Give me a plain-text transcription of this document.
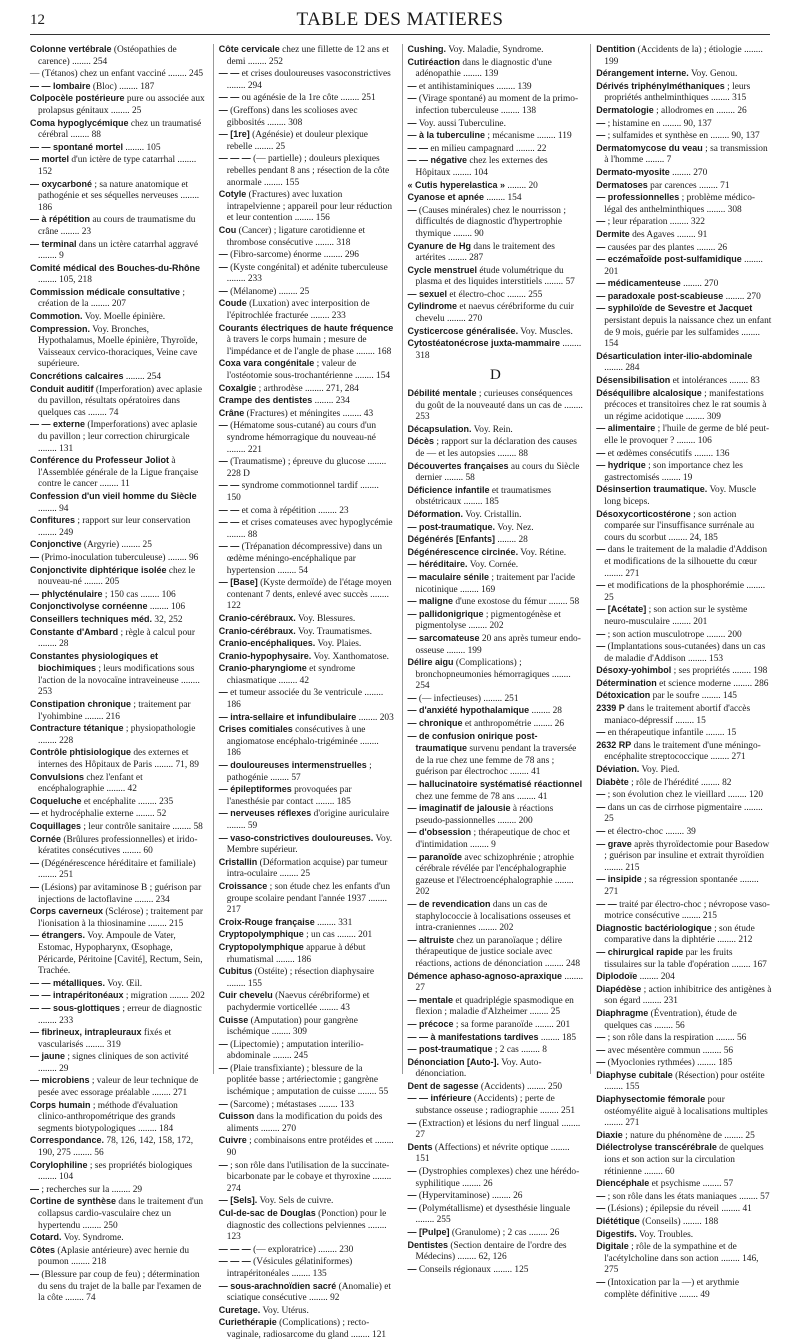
12	TABLE DES MATIERES
Colonne vertébrale (Ostéopathies de carence) ........ 254
— (Tétanos) chez un enfant vacciné ........ 245
— — lombaire (Bloc) ........ 187
Colpocèle postérieure pure ou associée aux prolapsus génitaux ........ 25
Coma hypoglycémique chez un traumatisé cérébral ........ 88
— — spontané mortel ........ 105
— mortel d'un ictère de type catarrhal ........ 152
— oxycarboné ; sa nature anatomique et pathogénie et ses séquelles nerveuses ........ 186
— à répétition au cours de traumatisme du crâne ........ 23
— terminal dans un ictère catarrhal aggravé ........ 9
Comité médical des Bouches-du-Rhône ........ 105, 218
Commission médicale consultative ; création de la ........ 207
Commotion. Voy. Moelle épinière.
Compression. Voy. Bronches, Hypothalamus, Moelle épinière, Thyroïde, Vaisseaux cervico-thoraciques, Veine cave supérieure.
Concrétions calcaires ........ 254
Conduit auditif (Imperforation) avec aplasie du pavillon, résultats opératoires dans quelques cas ........ 74
— — externe (Imperforations) avec aplasie du pavillon ; leur correction chirurgicale ........ 131
Conférence du Professeur Joliot à l'Assemblée générale de la Ligue française contre le cancer ........ 11
Confession d'un vieil homme du Siècle ........ 94
Confitures ; rapport sur leur conservation ........ 249
Conjonctive (Argyrie) ........ 25
— (Primo-inoculation tuberculeuse) ........ 96
Conjonctivite diphtérique isolée chez le nouveau-né ........ 205
— phlycténulaire ; 150 cas ........ 106
Conjonctivolyse cornéenne ........ 106
Conseillers techniques méd. 32, 252
Constante d'Ambard ; règle à calcul pour ........ 28
Constantes physiologiques et biochimiques ; leurs modifications sous l'action de la novocaïne intraveineuse ........ 253
Constipation chronique ; traitement par l'yohimbine ........ 216
Contracture tétanique ; physiopathologie ........ 228
Contrôle phtisiologique des externes et internes des Hôpitaux de Paris ........ 71, 89
Convulsions chez l'enfant et encéphalographie ........ 42
Coqueluche et encéphalite ........ 235
— et hydrocéphalie externe ........ 52
Coquillages ; leur contrôle sanitaire ........ 58
Cornée (Brûlures professionnelles) et irido-kératites consécutives ........ 60
— (Dégénérescence héréditaire et familiale) ........ 251
— (Lésions) par avitaminose B ; guérison par injections de lactoflavine ........ 234
Corps caverneux (Sclérose) ; traitement par l'ionisation à la thiosinamine ........ 215
— étrangers. Voy. Ampoule de Vater, Estomac, Hypopharynx, Œsophage, Péricarde, Péritoine [Cavité], Rectum, Sein, Trachée.
— — métalliques. Voy. Œil.
— — intrapéritonéaux ; migration ........ 202
— — sous-glottiques ; erreur de diagnostic ........ 233
— fibrineux, intrapleuraux fixés et vascularisés ........ 319
— jaune ; signes cliniques de son activité ........ 29
— microbiens ; valeur de leur technique de pesée avec essorage préalable ........ 271
Corps humain ; méthode d'évaluation clinico-anthropométrique des grands segments biotypologiques ........ 184
Correspondance. 78, 126, 142, 158, 172, 190, 275 ........ 56
Corylophiline ; ses propriétés biologiques ........ 104
— ; recherches sur la ........ 29
Cortine de synthèse dans le traitement d'un collapsus cardio-vasculaire chez un hypertendu ........ 250
Cotard. Voy. Syndrome.
Côtes (Aplasie antérieure) avec hernie du poumon ........ 218
— (Blessure par coup de feu) ; détermination du sens du trajet de la balle par l'examen de la côte ........ 74
Côte cervicale chez une fillette de 12 ans et demi ........ 252
— — et crises douloureuses vasoconstrictives ........ 294
— — ou agénésie de la 1re côte ........ 251
— (Greffons) dans les scolioses avec gibbosités ........ 308
— [1re] (Agénésie) et douleur plexique rebelle ........ 25
— — — (— partielle) ; douleurs plexiques rebelles pendant 8 ans ; résection de la côte anormale ........ 155
Cotyle (Fractures) avec luxation intrapelvienne ; appareil pour leur réduction et leur contention ........ 156
Cou (Cancer) ; ligature carotidienne et thrombose consécutive ........ 318
— (Fibro-sarcome) énorme ........ 296
— (Kyste congénital) et adénite tuberculeuse ........ 233
— (Mélanome) ........ 25
Coude (Luxation) avec interposition de l'épitrochlée fracturée ........ 233
Courants électriques de haute fréquence à travers le corps humain ; mesure de l'impédance et de l'angle de phase ........ 168
Coxa vara congénitale ; valeur de l'ostéotomie sous-trochantérienne ........ 154
Coxalgie ; arthrodèse ........ 271, 284
Crampe des dentistes ........ 234
Crâne (Fractures) et méningites ........ 43
— (Hématome sous-cutané) au cours d'un syndrome hémorragique du nouveau-né ........ 221
— (Traumatisme) ; épreuve du glucose ........ 228 D
— — syndrome commotionnel tardif ........ 150
— — et coma à répétition ........ 23
— — et crises comateuses avec hypoglycémie ........ 88
— — (Trépanation décompressive) dans un œdème méningo-encéphalique par hypertension ........ 54
— [Base] (Kyste dermoïde) de l'étage moyen contenant 7 dents, enlevé avec succès ........ 122
Cranio-cérébraux. Voy. Blessures.
Cranio-cérébraux. Voy. Traumatismes.
Cranio-encéphaliques. Voy. Plaies.
Cranio-hypophysaire. Voy. Xanthomatose.
Cranio-pharyngiome et syndrome chiasmatique ........ 42
— et tumeur associée du 3e ventricule ........ 186
— intra-sellaire et infundibulaire ........ 203
Crises comitiales consécutives à une angiomatose encéphalo-trigéminée ........ 186
— douloureuses intermenstruelles ; pathogénie ........ 57
— épileptiformes provoquées par l'anesthésie par contact ........ 185
— nerveuses réflexes d'origine auriculaire ........ 59
— vaso-constrictives douloureuses. Voy. Membre supérieur.
Cristallin (Déformation acquise) par tumeur intra-oculaire ........ 25
Croissance ; son étude chez les enfants d'un groupe scolaire pendant l'année 1937 ........ 217
Croix-Rouge française ........ 331
Cryptopolymphique ; un cas ........ 201
Cryptopolymphique apparue à début rhumatismal ........ 186
Cubitus (Ostéite) ; résection diaphysaire ........ 155
Cuir chevelu (Naevus cérébriforme) et pachydermie vorticellée ........ 43
Cuisse (Amputation) pour gangrène ischémique ........ 309
— (Lipectomie) ; amputation interilio-abdominale ........ 245
— (Plaie transfixiante) ; blessure de la poplitée basse ; artériectomie ; gangrène ischémique ; amputation de cuisse ........ 55
— (Sarcome) ; métastases ........ 133
Cuisson dans la modification du poids des aliments ........ 270
Cuivre ; combinaisons entre protéides et ........ 90
— ; son rôle dans l'utilisation de la succinate-bicarbonate par le cobaye et thyroxine ........ 274
— [Sels]. Voy. Sels de cuivre.
Cul-de-sac de Douglas (Ponction) pour le diagnostic des collections pelviennes ........ 123
— — — (— exploratrice) ........ 230
— — — (Vésicules gélatiniformes) intrapéritonéales ........ 135
— sous-arachnoïdien sacré (Anomalie) et sciatique consécutive ........ 92
Curetage. Voy. Utérus.
Curiethérapie (Complications) ; recto-vaginale, radiosarcome du gland ........ 121
Cushing. Voy. Maladie, Syndrome.
Cutiréaction dans le diagnostic d'une adénopathie ........ 139
— et antihistaminiques ........ 139
— (Virage spontané) au moment de la primo-infection tuberculeuse ........ 138
— Voy. aussi Tuberculine.
— à la tuberculine ; mécanisme ........ 119
— — en milieu campagnard ........ 22
— — négative chez les externes des Hôpitaux ........ 104
« Cutis hyperelastica » ........ 20
Cyanose et apnée ........ 154
— (Causes minérales) chez le nourrisson ; difficultés de diagnostic d'hypertrophie thymique ........ 90
Cyanure de Hg dans le traitement des artérites ........ 287
Cycle menstruel étude volumétrique du plasma et des liquides interstitiels ........ 57
— sexuel et électro-choc ........ 255
Cylindrome et naevus cérébriforme du cuir chevelu ........ 270
Cysticercose généralisée. Voy. Muscles.
Cytostéatonécrose juxta-mammaire ........ 318
D
Débilité mentale ; curieuses conséquences du goût de la nouveauté dans un cas de ........ 253
Décapsulation. Voy. Rein.
Décès ; rapport sur la déclaration des causes de — et les autopsies ........ 88
Découvertes françaises au cours du Siècle dernier ........ 58
Déficience infantile et traumatismes obstétricaux ........ 185
Déformation. Voy. Cristallin.
— post-traumatique. Voy. Nez.
Dégénérés [Enfants] ........ 28
Dégénérescence circinée. Voy. Rétine.
— héréditaire. Voy. Cornée.
— maculaire sénile ; traitement par l'acide nicotinique ........ 169
— maligne d'une exostose du fémur ........ 58
— pallidonigrique ; pigmentogénèse et pigmentolyse ........ 202
— sarcomateuse 20 ans après tumeur endo-osseuse ........ 199
Délire aigu (Complications) ; bronchopneumonies hémorragiques ........ 254
— (— infectieuses) ........ 251
— d'anxiété hypothalamique ........ 28
— chronique et anthropométrie ........ 26
— de confusion onirique post-traumatique survenu pendant la traversée de la rue chez une femme de 78 ans ; guérison par électrochoc ........ 41
— hallucinatoire systématisé réactionnel chez une femme de 78 ans ........ 41
— imaginatif de jalousie à réactions pseudo-passionnelles ........ 200
— d'obsession ; thérapeutique de choc et d'intimidation ........ 9
— paranoïde avec schizophrénie ; atrophie cérébrale révélée par l'encéphalographie gazeuse et l'électroencéphalographie ........ 202
— de revendication dans un cas de staphylococcie à localisations osseuses et intra-craniennes ........ 202
— altruiste chez un paranoïaque ; délire thérapeutique de justice sociale avec réactions, actions de dénonciation ........ 248
Démence aphaso-agnoso-apraxique ........ 27
— mentale et quadriplégie spasmodique en flexion ; maladie d'Alzheimer ........ 25
— précoce ; sa forme paranoïde ........ 201
— — à manifestations tardives ........ 185
— post-traumatique ; 2 cas ........ 8
Dénonciation [Auto-]. Voy. Auto-dénonciation.
Dent de sagesse (Accidents) ........ 250
— — inférieure (Accidents) ; perte de substance osseuse ; radiographie ........ 251
— (Extraction) et lésions du nerf lingual ........ 27
Dents (Affections) et névrite optique ........ 151
— (Dystrophies complexes) chez une hérédo-syphilitique ........ 26
— (Hypervitaminose) ........ 26
— (Polymétallisme) et dysesthésie linguale ........ 255
— [Pulpe] (Granulome) ; 2 cas ........ 26
Dentistes (Section dentaire de l'ordre des Médecins) ........ 62, 126
— Conseils régionaux ........ 125
Dentition (Accidents de la) ; étiologie ........ 199
Dérangement interne. Voy. Genou.
Dérivés triphénylméthaniques ; leurs propriétés anthelminthiques ........ 315
Dermatologie ; allodromes en ........ 26
— ; histamine en ........ 90, 137
— ; sulfamides et synthèse en ........ 90, 137
Dermatomycose du veau ; sa transmission à l'homme ........ 7
Dermato-myosite ........ 270
Dermatoses par carences ........ 71
— professionnelles ; problème médico-légal des anthelminthiques ........ 308
— ; leur réparation ........ 322
Dermite des Agaves ........ 91
— causées par des plantes ........ 26
— eczémat̃oïde post-sulfamidique ........ 201
— médicamenteuse ........ 270
— paradoxale post-scabieuse ........ 270
— syphiloïde de Sevestre et Jacquet persistant depuis la naissance chez un enfant de 9 mois, guérie par les sulfamides ........ 154
Désarticulation inter-ilio-abdominale ........ 284
Désensibilisation et intolérances ........ 83
Déséquilibre alcalosique ; manifestations précoces et transitoires chez le rat soumis à un régime acidotique ........ 309
— alimentaire ; l'huile de germe de blé peut-elle le provoquer ? ........ 106
— et œdèmes consécutifs ........ 136
— hydrique ; son importance chez les gastrectomisés ........ 19
Désinsertion traumatique. Voy. Muscle long biceps.
Désoxycorticostérone ; son action comparée sur l'insuffisance surrénale au cours du scorbut ........ 24, 185
— dans le traitement de la maladie d'Addison et modifications de la silhouette du cœur ........ 271
— et modifications de la phosphorémie ........ 25
— [Acétate] ; son action sur le système neuro-musculaire ........ 201
— ; son action musculotrope ........ 200
— (Implantations sous-cutanées) dans un cas de maladie d'Addison ........ 153
Désoxy-yohimbol ; ses propriétés ........ 198
Détermination et science moderne ........ 286
Détoxication par le soufre ........ 145
2339 P dans le traitement abortif d'accès maniaco-dépressif ........ 15
— en thérapeutique infantile ........ 15
2632 RP dans le traitement d'une méningo-encéphalite streptococcique ........ 271
Déviation. Voy. Pied.
Diabète ; rôle de l'hérédité ........ 82
— ; son évolution chez le vieillard ........ 120
— dans un cas de cirrhose pigmentaire ........ 25
— et électro-choc ........ 39
— grave après thyroïdectomie pour Basedow ; guérison par insuline et extrait thyroïdien ........ 215
— insipide ; sa régression spontanée ........ 271
— — traité par électro-choc ; névropose vaso-motrice consécutive ........ 215
Diagnostic bactériologique ; son étude comparative dans la diphtérie ........ 212
— chirurgical rapide par les fruits tissulaires sur la table d'opération ........ 167
Diplodoïe ........ 204
Diapédèse ; action inhibitrice des antigènes à son égard ........ 231
Diaphragme (Éventration), étude de quelques cas ........ 56
— ; son rôle dans la respiration ........ 56
— avec mésentère commun ........ 56
— (Myoclonies rythmées) ........ 185
Diaphyse cubitale (Résection) pour ostéite ........ 155
Diaphysectomie fémorale pour ostéomyélite aiguë à localisations multiples ........ 271
Diaxie ; nature du phénomène de ........ 25
Diélectrolyse transcérébrale de quelques ions et son action sur la circulation rétinienne ........ 60
Diencéphale et psychisme ........ 57
— ; son rôle dans les états maniaques ........ 57
— (Lésions) ; épilepsie du réveil ........ 41
Diététique (Conseils) ........ 188
Digestifs. Voy. Troubles.
Digitale ; rôle de la sympathine et de l'acétylcholine dans son action ........ 146, 275
— (Intoxication par la —) et arythmie complète définitive ........ 49
